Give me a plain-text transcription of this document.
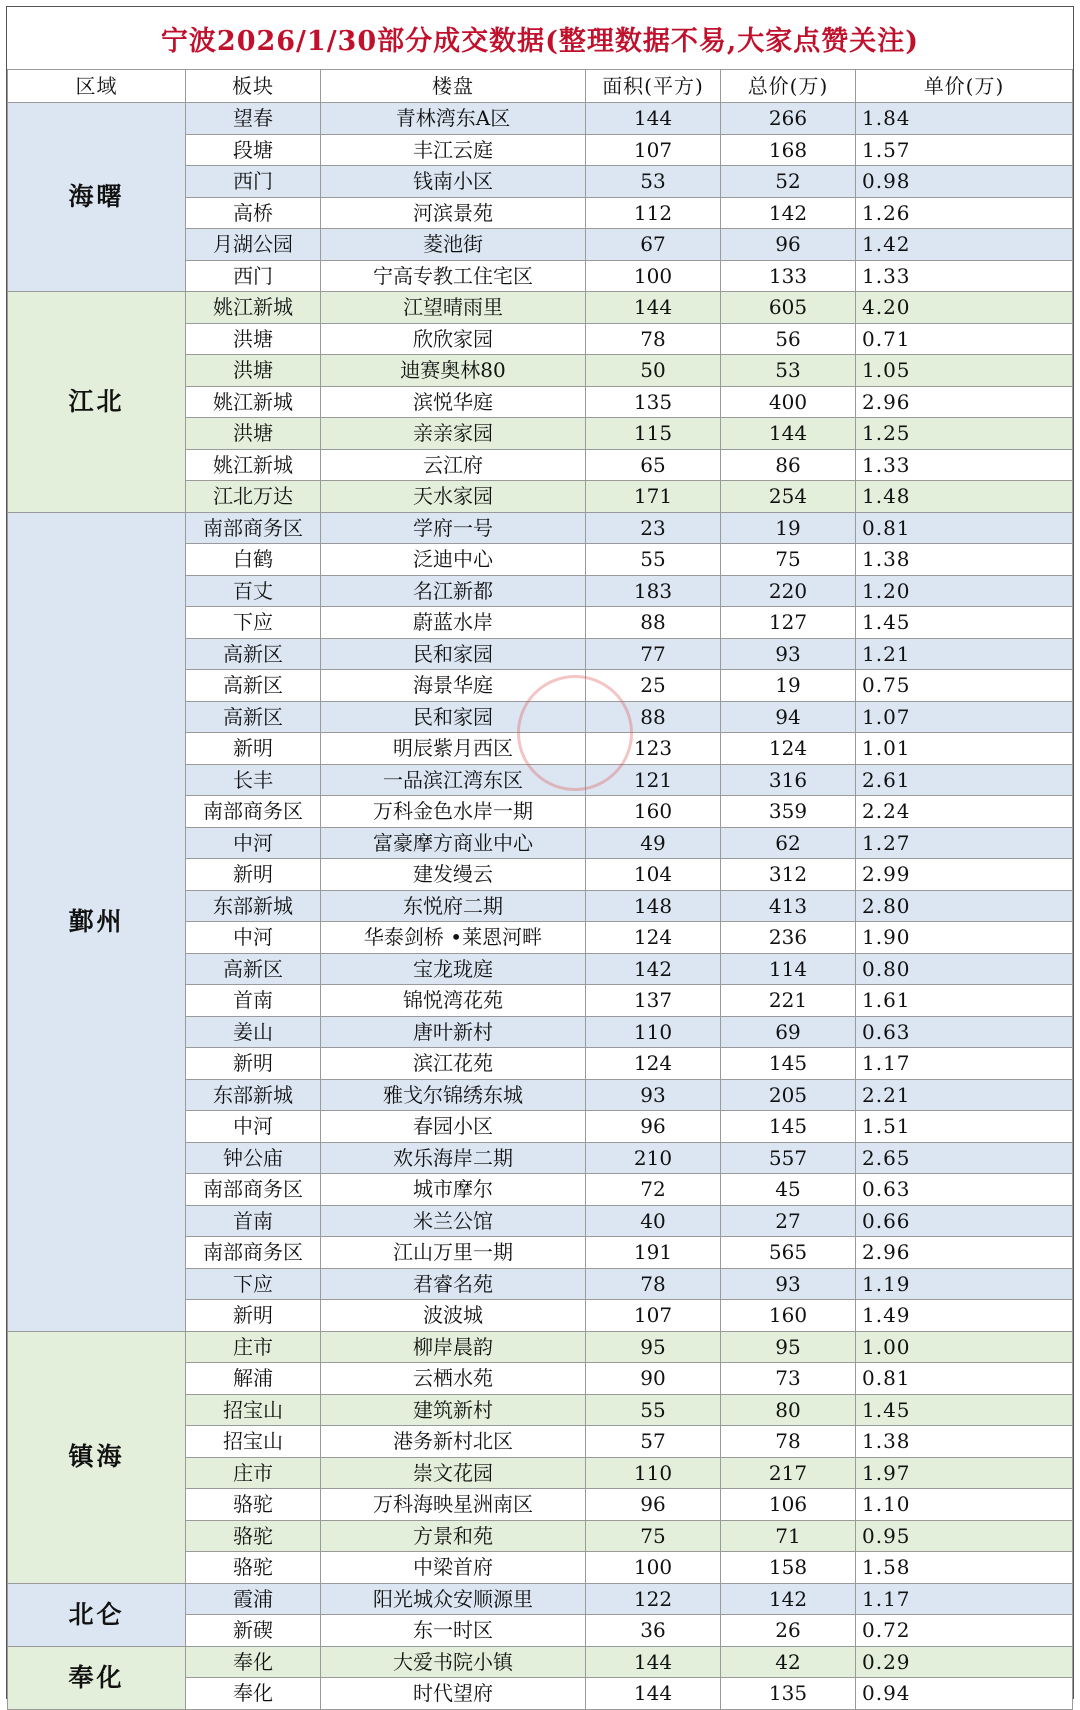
宁波2026/1/30部分成交数据(整理数据不易,大家点赞关注)
区域	板块	楼盘	面积(平方)	总价(万)	单价(万)
海曙	望春	青林湾东A区	144	266	1.84
	段塘	丰江云庭	107	168	1.57
	西门	钱南小区	53	52	0.98
	高桥	河滨景苑	112	142	1.26
	月湖公园	菱池街	67	96	1.42
	西门	宁高专教工住宅区	100	133	1.33
江北	姚江新城	江望晴雨里	144	605	4.20
	洪塘	欣欣家园	78	56	0.71
	洪塘	迪赛奥林80	50	53	1.05
	姚江新城	滨悦华庭	135	400	2.96
	洪塘	亲亲家园	115	144	1.25
	姚江新城	云江府	65	86	1.33
	江北万达	天水家园	171	254	1.48
鄞州	南部商务区	学府一号	23	19	0.81
	白鹤	泛迪中心	55	75	1.38
	百丈	名江新都	183	220	1.20
	下应	蔚蓝水岸	88	127	1.45
	高新区	民和家园	77	93	1.21
	高新区	海景华庭	25	19	0.75
	高新区	民和家园	88	94	1.07
	新明	明辰紫月西区	123	124	1.01
	长丰	一品滨江湾东区	121	316	2.61
	南部商务区	万科金色水岸一期	160	359	2.24
	中河	富豪摩方商业中心	49	62	1.27
	新明	建发缦云	104	312	2.99
	东部新城	东悦府二期	148	413	2.80
	中河	华泰剑桥 •莱恩河畔	124	236	1.90
	高新区	宝龙珑庭	142	114	0.80
	首南	锦悦湾花苑	137	221	1.61
	姜山	唐叶新村	110	69	0.63
	新明	滨江花苑	124	145	1.17
	东部新城	雅戈尔锦绣东城	93	205	2.21
	中河	春园小区	96	145	1.51
	钟公庙	欢乐海岸二期	210	557	2.65
	南部商务区	城市摩尔	72	45	0.63
	首南	米兰公馆	40	27	0.66
	南部商务区	江山万里一期	191	565	2.96
	下应	君睿名苑	78	93	1.19
	新明	波波城	107	160	1.49
镇海	庄市	柳岸晨韵	95	95	1.00
	解浦	云栖水苑	90	73	0.81
	招宝山	建筑新村	55	80	1.45
	招宝山	港务新村北区	57	78	1.38
	庄市	崇文花园	110	217	1.97
	骆驼	万科海映星洲南区	96	106	1.10
	骆驼	方景和苑	75	71	0.95
	骆驼	中梁首府	100	158	1.58
北仑	霞浦	阳光城众安顺源里	122	142	1.17
	新碶	东一时区	36	26	0.72
奉化	奉化	大爱书院小镇	144	42	0.29
	奉化	时代望府	144	135	0.94
